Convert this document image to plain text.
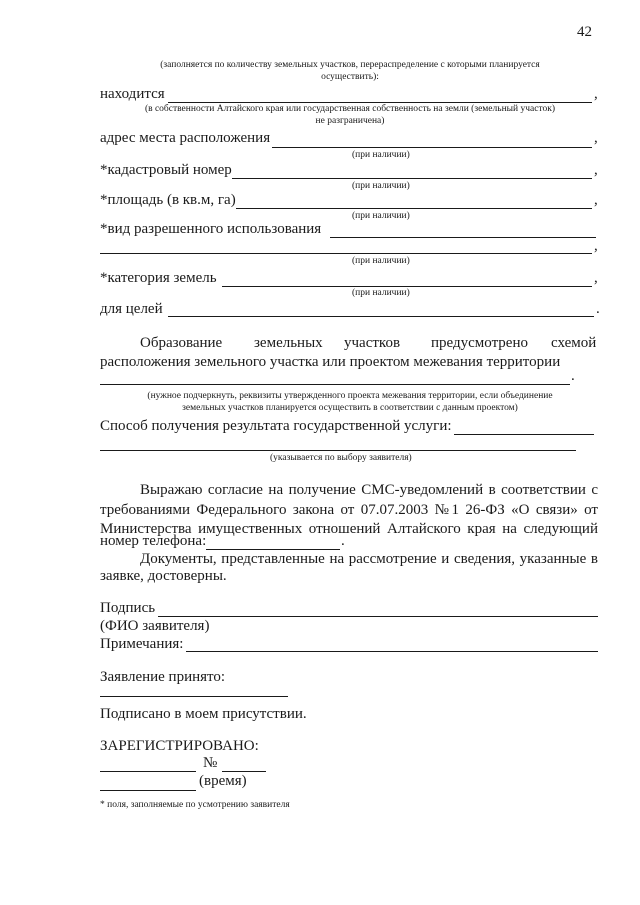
42
(заполняется по количеству земельных участков, перераспределение с которыми планируется
осуществить):
находится	,
(в собственности Алтайского края или государственная собственность на земли (земельный участок)
не разграничена)
адрес места расположения	,
(при наличии)
*кадастровый номер	,
(при наличии)
*площадь (в кв.м, га)	,
(при наличии)
*вид разрешенного использования
,
(при наличии)
*категория земель	,
(при наличии)
для целей	.
Образование земельных участков предусмотрено схемой
расположения земельного участка или проектом межевания территории
.
(нужное подчеркнуть, реквизиты утвержденного проекта межевания территории, если объединение
земельных участков планируется осуществить в соответствии с данным проектом)
Способ получения результата государственной услуги:
(указывается по выбору заявителя)
Выражаю согласие на получение СМС-уведомлений в соответствии с
требованиями Федерального закона от 07.07.2003 №1 26-ФЗ «О связи» от
Министерства имущественных отношений Алтайского края на следующий
номер телефона:	.
Документы, представленные на рассмотрение и сведения, указанные в
заявке, достоверны.
Подпись
(ФИО заявителя)
Примечания:
Заявление принято:
Подписано в моем присутствии.
ЗАРЕГИСТРИРОВАНО:
№
(время)
* поля, заполняемые по усмотрению заявителя
